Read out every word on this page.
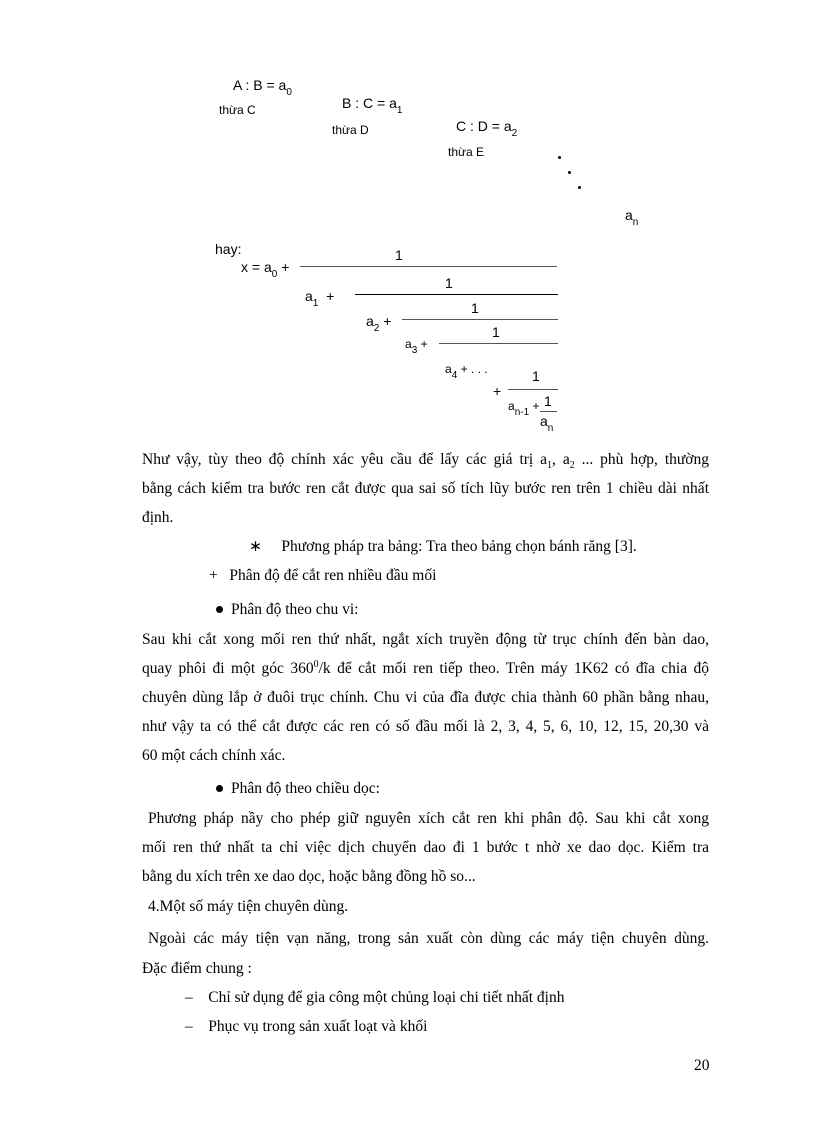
A : $B = a_0$
thừa C	B : $C = a_1$
thừa D	C : $D = a_2$
thừa E
$a_n$
hay:
$x = a_0$ +
1
$a_1$ +
1
$a_2$ +
1
$a_3$ +
1
$a_4$ + . . .
+
1
$a_{n-1} + 1$
$a_n$
Như vậy, tùy theo độ chính xác yêu cầu để lấy các giá trị $a_1$, $a_2$ ... phù hợp, thường
bằng cách kiểm tra bước ren cắt được qua sai số tích lũy bước ren trên 1 chiều dài nhất
định.
∗ Phương pháp tra bảng: Tra theo bảng chọn bánh răng [3].
+ Phân độ để cắt ren nhiều đầu mối
Phân độ theo chu vi:
Sau khi cắt xong mối ren thứ nhất, ngắt xích truyền động từ trục chính đến bàn dao,
quay phôi đi một góc $360^0/k$ để cắt mối ren tiếp theo. Trên máy 1K62 có đĩa chia độ
chuyên dùng lắp ở đuôi trục chính. Chu vi của đĩa được chia thành 60 phần bằng nhau,
như vậy ta có thể cắt được các ren có số đầu mối là 2, 3, 4, 5, 6, 10, 12, 15, 20,30 và
60 một cách chính xác.
Phân độ theo chiều dọc:
Phương pháp nầy cho phép giữ nguyên xích cắt ren khi phân độ. Sau khi cắt xong
mối ren thứ nhất ta chỉ việc dịch chuyển dao đi 1 bước t nhờ xe dao dọc. Kiểm tra
bằng du xích trên xe dao dọc, hoặc bằng đồng hồ so...
4.Một số máy tiện chuyên dùng.
Ngoài các máy tiện vạn năng, trong sản xuất còn dùng các máy tiện chuyên dùng.
Đặc điểm chung :
– Chỉ sử dụng để gia công một chủng loại chi tiết nhất định
– Phục vụ trong sản xuất loạt và khối
20
